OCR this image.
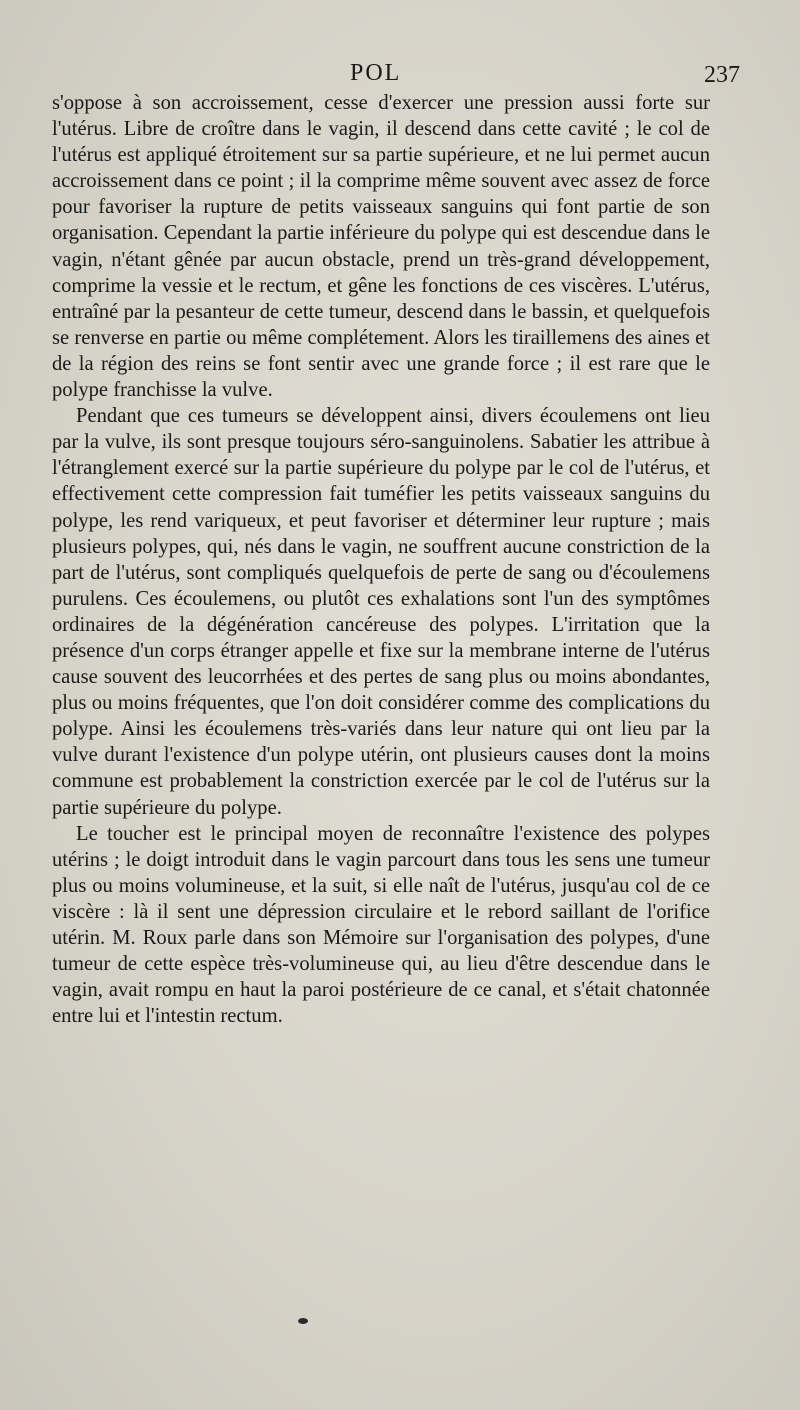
POL	237

s'oppose à son accroissement, cesse d'exercer une pression aussi forte sur l'utérus. Libre de croître dans le vagin, il descend dans cette cavité ; le col de l'utérus est appliqué étroitement sur sa partie supérieure, et ne lui permet aucun accroissement dans ce point ; il la comprime même souvent avec assez de force pour favoriser la rupture de petits vaisseaux sanguins qui font partie de son organisation. Cependant la partie inférieure du polype qui est descendue dans le vagin, n'étant gênée par aucun obstacle, prend un très-grand développement, comprime la vessie et le rectum, et gêne les fonctions de ces viscères. L'utérus, entraîné par la pesanteur de cette tumeur, descend dans le bassin, et quelquefois se renverse en partie ou même complétement. Alors les tiraillemens des aines et de la région des reins se font sentir avec une grande force ; il est rare que le polype franchisse la vulve.

Pendant que ces tumeurs se développent ainsi, divers écoulemens ont lieu par la vulve, ils sont presque toujours séro-sanguinolens. Sabatier les attribue à l'étranglement exercé sur la partie supérieure du polype par le col de l'utérus, et effectivement cette compression fait tuméfier les petits vaisseaux sanguins du polype, les rend variqueux, et peut favoriser et déterminer leur rupture ; mais plusieurs polypes, qui, nés dans le vagin, ne souffrent aucune constriction de la part de l'utérus, sont compliqués quelquefois de perte de sang ou d'écoulemens purulens. Ces écoulemens, ou plutôt ces exhalations sont l'un des symptômes ordinaires de la dégénération cancéreuse des polypes. L'irritation que la présence d'un corps étranger appelle et fixe sur la membrane interne de l'utérus cause souvent des leucorrhées et des pertes de sang plus ou moins abondantes, plus ou moins fréquentes, que l'on doit considérer comme des complications du polype. Ainsi les écoulemens très-variés dans leur nature qui ont lieu par la vulve durant l'existence d'un polype utérin, ont plusieurs causes dont la moins commune est probablement la constriction exercée par le col de l'utérus sur la partie supérieure du polype.

Le toucher est le principal moyen de reconnaître l'existence des polypes utérins ; le doigt introduit dans le vagin parcourt dans tous les sens une tumeur plus ou moins volumineuse, et la suit, si elle naît de l'utérus, jusqu'au col de ce viscère : là il sent une dépression circulaire et le rebord saillant de l'orifice utérin. M. Roux parle dans son Mémoire sur l'organisation des polypes, d'une tumeur de cette espèce très-volumineuse qui, au lieu d'être descendue dans le vagin, avait rompu en haut la paroi postérieure de ce canal, et s'était chatonnée entre lui et l'intestin rectum.
